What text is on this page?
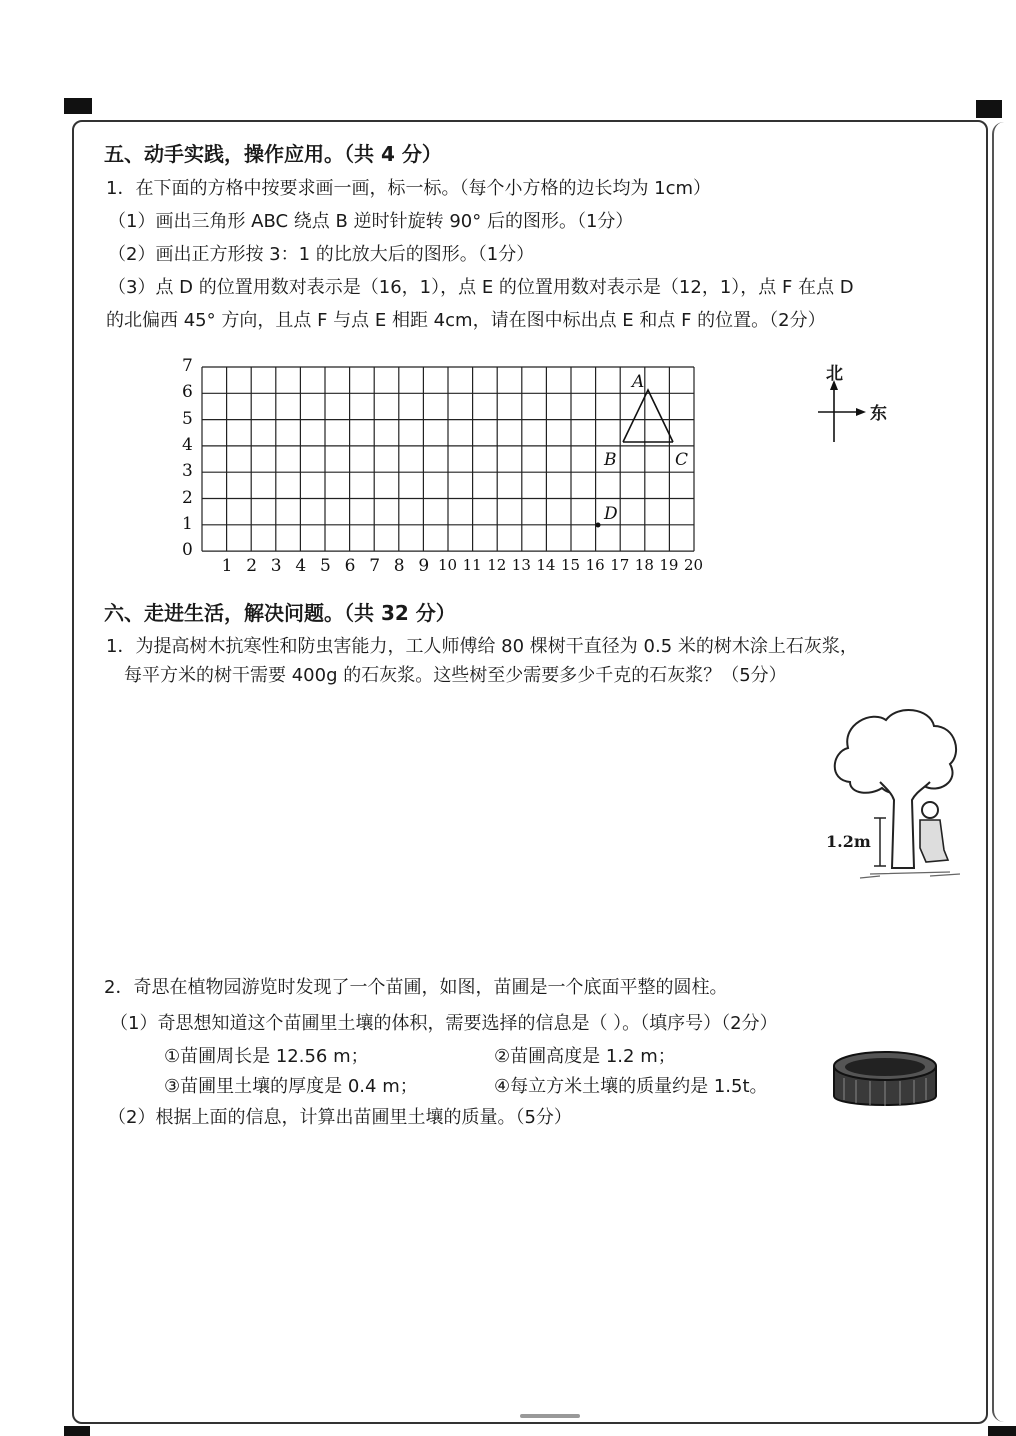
五、动手实践，操作应用。（共 4 分）
1．在下面的方格中按要求画一画，标一标。（每个小方格的边长均为 1cm）
（1）画出三角形 ABC 绕点 B 逆时针旋转 90° 后的图形。（1分）
（2）画出正方形按 3：1 的比放大后的图形。（1分）
（3）点 D 的位置用数对表示是（16，1），点 E 的位置用数对表示是（12，1），点 F 在点 D
的北偏西 45° 方向，且点 F 与点 E 相距 4cm，请在图中标出点 E 和点 F 的位置。（2分）
0
1
2
3
4
5
6
7
1 2 3 4 5 6 7 8 9 10 11 12 13 14 15 16 17 18 19 20
A
B	C
D
北
东
六、走进生活，解决问题。（共 32 分）
1．为提高树木抗寒性和防虫害能力，工人师傅给 80 棵树干直径为 0.5 米的树木涂上石灰浆，
每平方米的树干需要 400g 的石灰浆。这些树至少需要多少千克的石灰浆？（5分）
1.2m
2．奇思在植物园游览时发现了一个苗圃，如图，苗圃是一个底面平整的圆柱。
（1）奇思想知道这个苗圃里土壤的体积，需要选择的信息是（ ）。（填序号）（2分）
①苗圃周长是 12.56 m；	②苗圃高度是 1.2 m；
③苗圃里土壤的厚度是 0.4 m；	④每立方米土壤的质量约是 1.5t。
（2）根据上面的信息，计算出苗圃里土壤的质量。（5分）
